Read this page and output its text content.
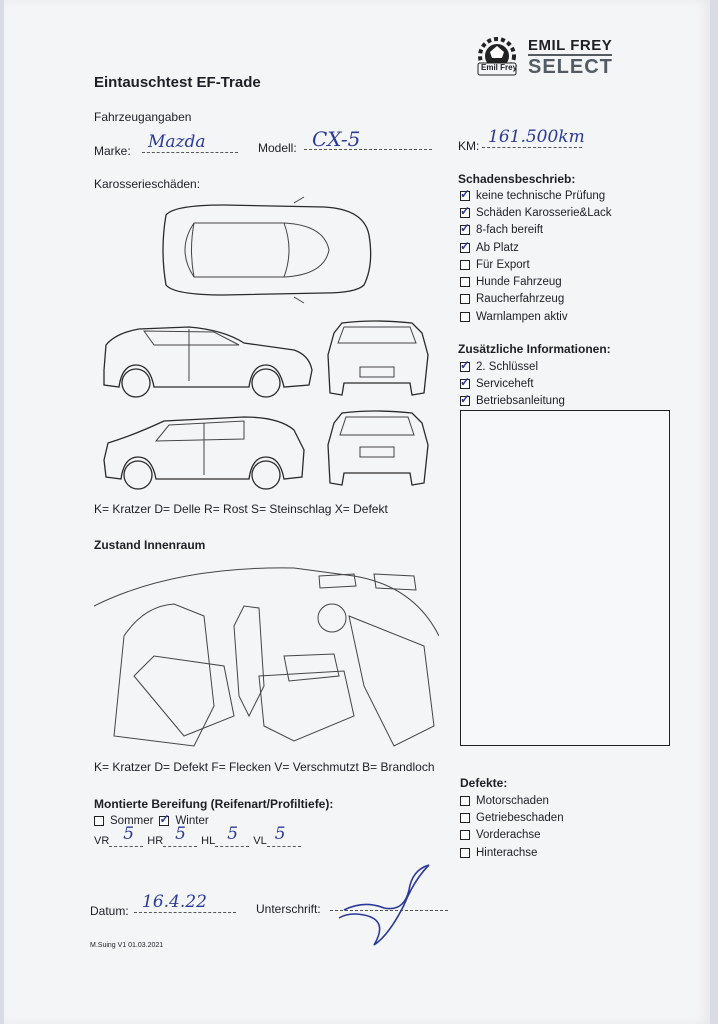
Emil Frey
EMIL FREY
SELECT
Eintauschtest EF-Trade
Fahrzeugangaben
Marke: Mazda	Modell: CX-5	KM: 161.500km
Karosserieschäden:
K= Kratzer D= Delle R= Rost S= Steinschlag X= Defekt
Zustand Innenraum
K= Kratzer D= Defekt F= Flecken V= Verschmutzt B= Brandloch
Montierte Bereifung (Reifenart/Profiltiefe):
Sommer
✓ Winter
VR 5 HR 5 HL 5 VL 5
Datum: 16.4.22	Unterschrift:
M.Suing V1 01.03.2021
Schadensbeschrieb:
✓
keine technische Prüfung
✓
Schäden Karosserie&Lack
✓
8-fach bereift
✓
Ab Platz
Für Export
Hunde Fahrzeug
Raucherfahrzeug
Warnlampen aktiv
Zusätzliche Informationen:
✓
2. Schlüssel
✓
Serviceheft
✓
Betriebsanleitung
Defekte:
Motorschaden
Getriebeschaden
Vorderachse
Hinterachse
